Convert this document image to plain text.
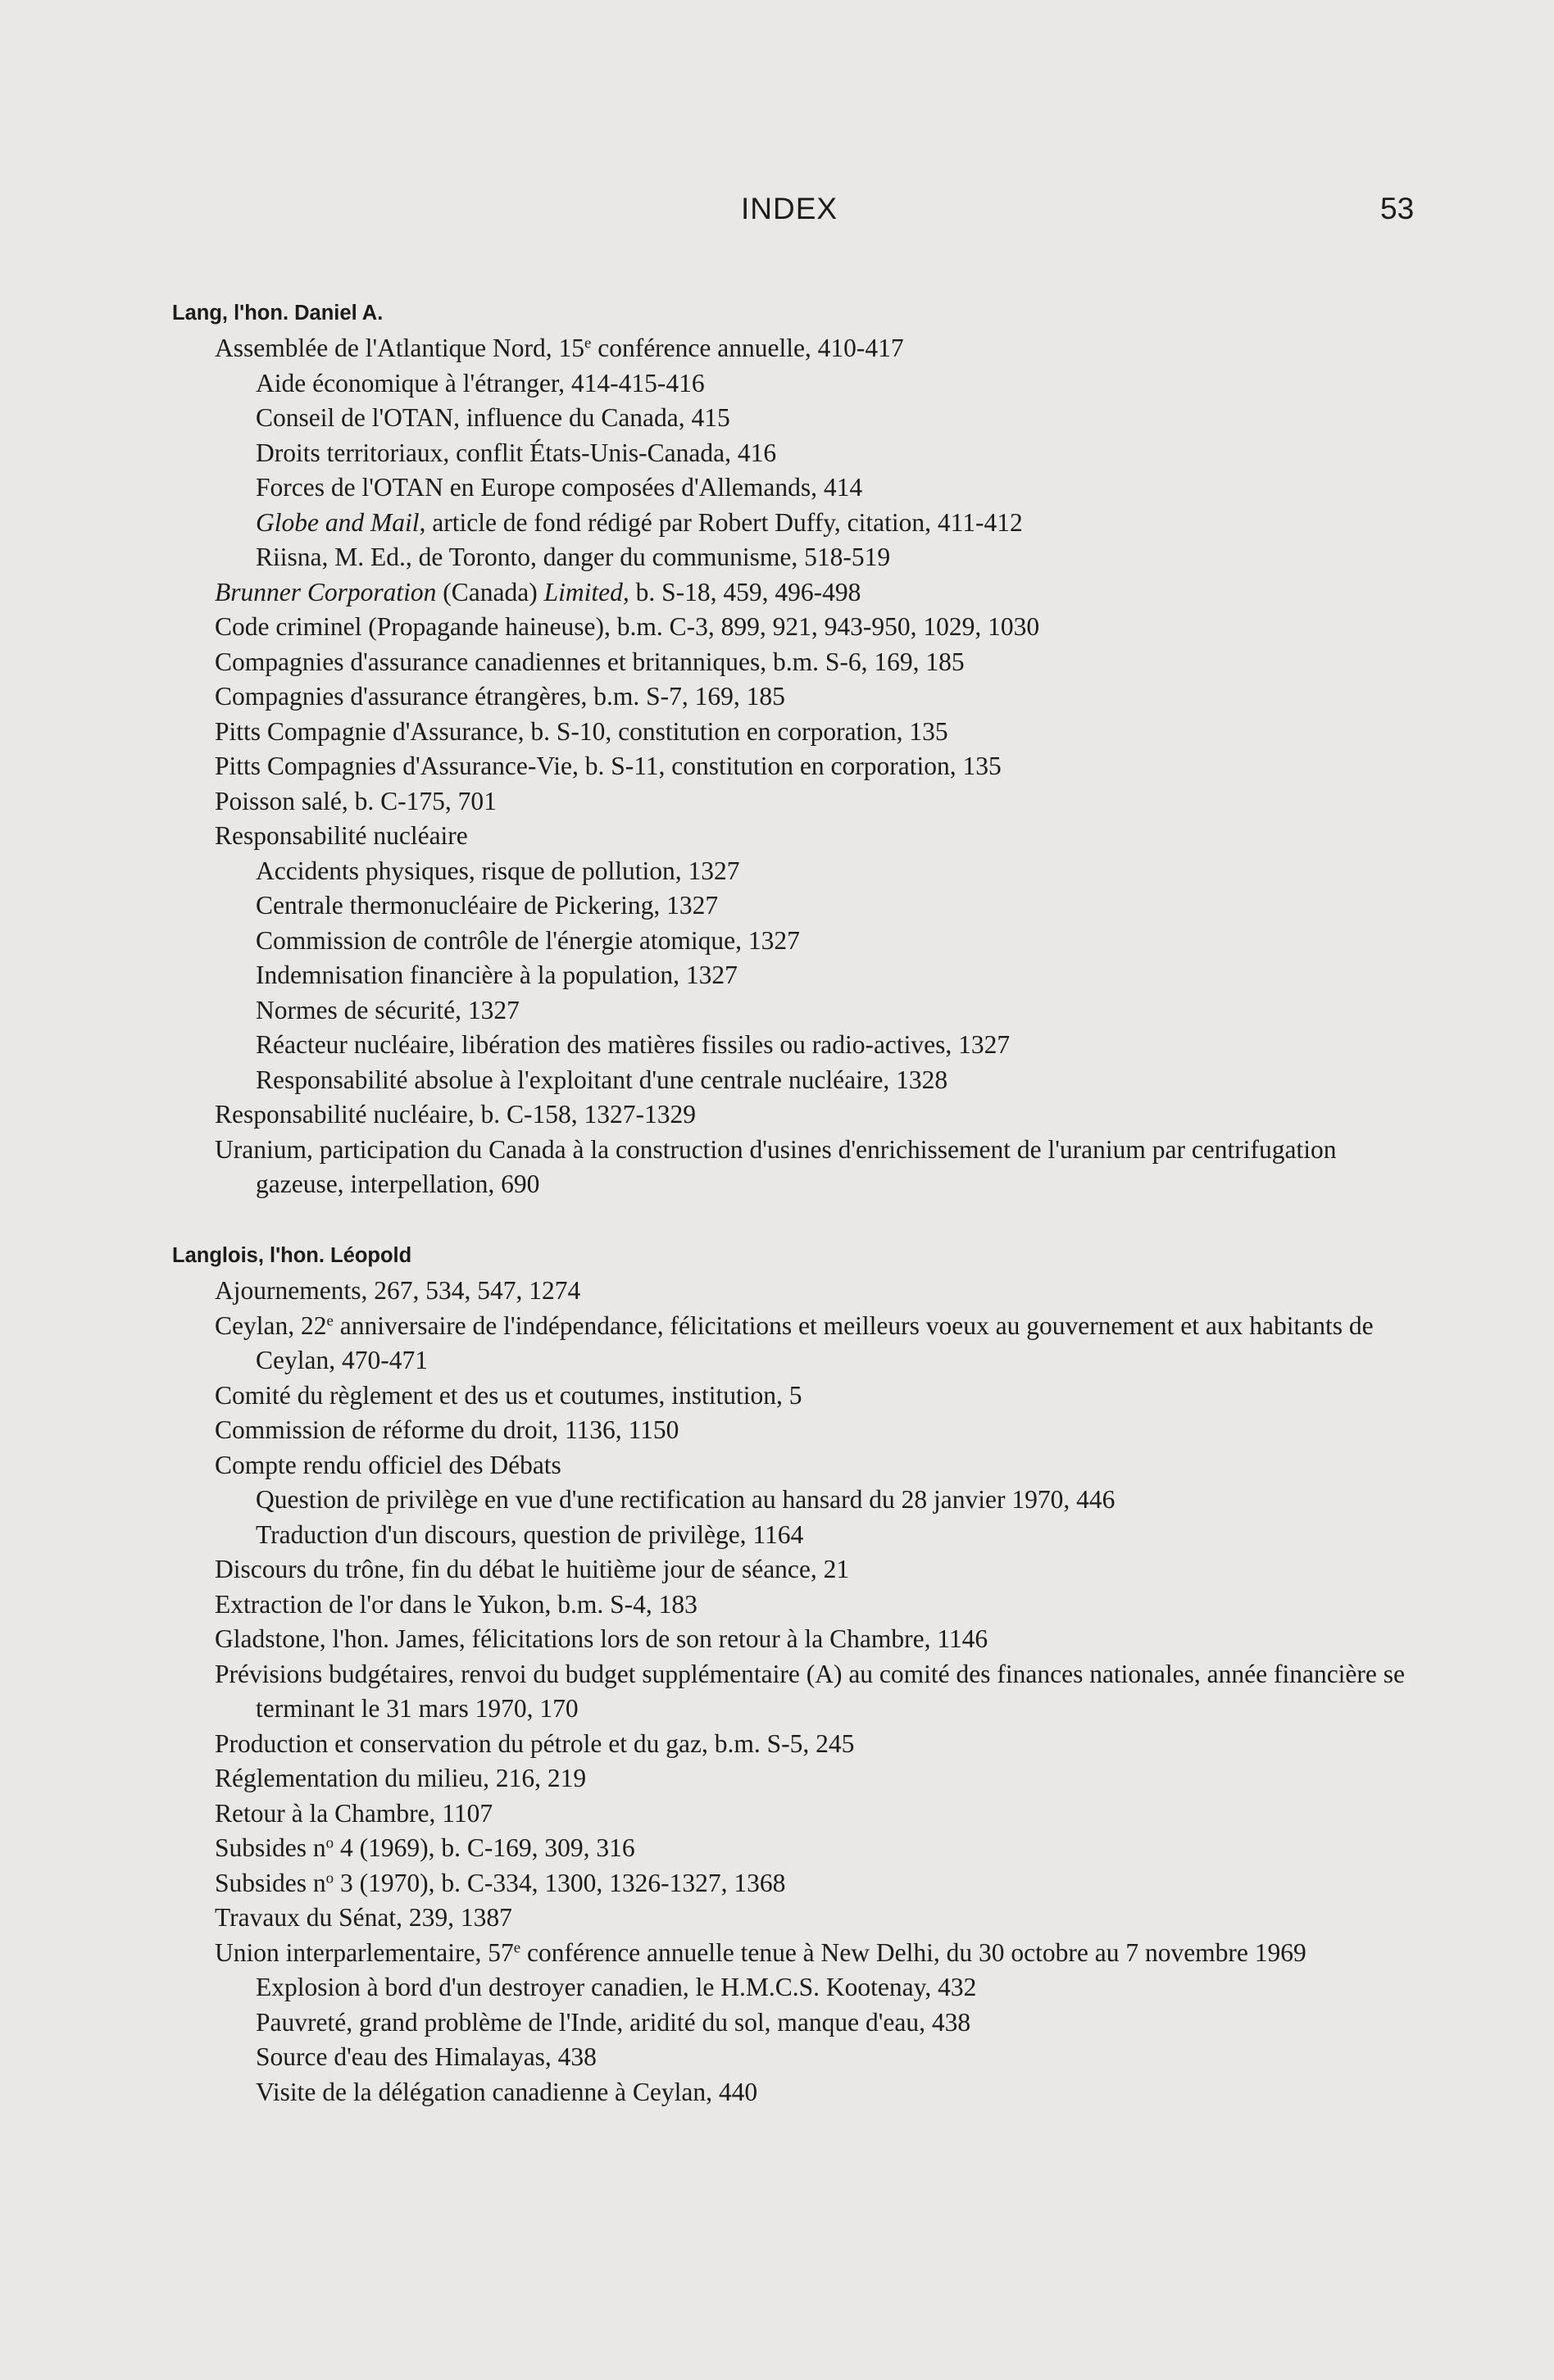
INDEX	53
Lang, l'hon. Daniel A.
Assemblée de l'Atlantique Nord, 15e conférence annuelle, 410-417
Aide économique à l'étranger, 414-415-416
Conseil de l'OTAN, influence du Canada, 415
Droits territoriaux, conflit États-Unis-Canada, 416
Forces de l'OTAN en Europe composées d'Allemands, 414
Globe and Mail, article de fond rédigé par Robert Duffy, citation, 411-412
Riisna, M. Ed., de Toronto, danger du communisme, 518-519
Brunner Corporation (Canada) Limited, b. S-18, 459, 496-498
Code criminel (Propagande haineuse), b.m. C-3, 899, 921, 943-950, 1029, 1030
Compagnies d'assurance canadiennes et britanniques, b.m. S-6, 169, 185
Compagnies d'assurance étrangères, b.m. S-7, 169, 185
Pitts Compagnie d'Assurance, b. S-10, constitution en corporation, 135
Pitts Compagnies d'Assurance-Vie, b. S-11, constitution en corporation, 135
Poisson salé, b. C-175, 701
Responsabilité nucléaire
Accidents physiques, risque de pollution, 1327
Centrale thermonucléaire de Pickering, 1327
Commission de contrôle de l'énergie atomique, 1327
Indemnisation financière à la population, 1327
Normes de sécurité, 1327
Réacteur nucléaire, libération des matières fissiles ou radio-actives, 1327
Responsabilité absolue à l'exploitant d'une centrale nucléaire, 1328
Responsabilité nucléaire, b. C-158, 1327-1329
Uranium, participation du Canada à la construction d'usines d'enrichissement de l'uranium par centrifugation gazeuse, interpellation, 690
Langlois, l'hon. Léopold
Ajournements, 267, 534, 547, 1274
Ceylan, 22e anniversaire de l'indépendance, félicitations et meilleurs voeux au gouvernement et aux habitants de Ceylan, 470-471
Comité du règlement et des us et coutumes, institution, 5
Commission de réforme du droit, 1136, 1150
Compte rendu officiel des Débats
Question de privilège en vue d'une rectification au hansard du 28 janvier 1970, 446
Traduction d'un discours, question de privilège, 1164
Discours du trône, fin du débat le huitième jour de séance, 21
Extraction de l'or dans le Yukon, b.m. S-4, 183
Gladstone, l'hon. James, félicitations lors de son retour à la Chambre, 1146
Prévisions budgétaires, renvoi du budget supplémentaire (A) au comité des finances nationales, année financière se terminant le 31 mars 1970, 170
Production et conservation du pétrole et du gaz, b.m. S-5, 245
Réglementation du milieu, 216, 219
Retour à la Chambre, 1107
Subsides $n^o$ 4 (1969), b. C-169, 309, 316
Subsides $n^o$ 3 (1970), b. C-334, 1300, 1326-1327, 1368
Travaux du Sénat, 239, 1387
Union interparlementaire, 57e conférence annuelle tenue à New Delhi, du 30 octobre au 7 novembre 1969
Explosion à bord d'un destroyer canadien, le H.M.C.S. Kootenay, 432
Pauvreté, grand problème de l'Inde, aridité du sol, manque d'eau, 438
Source d'eau des Himalayas, 438
Visite de la délégation canadienne à Ceylan, 440
